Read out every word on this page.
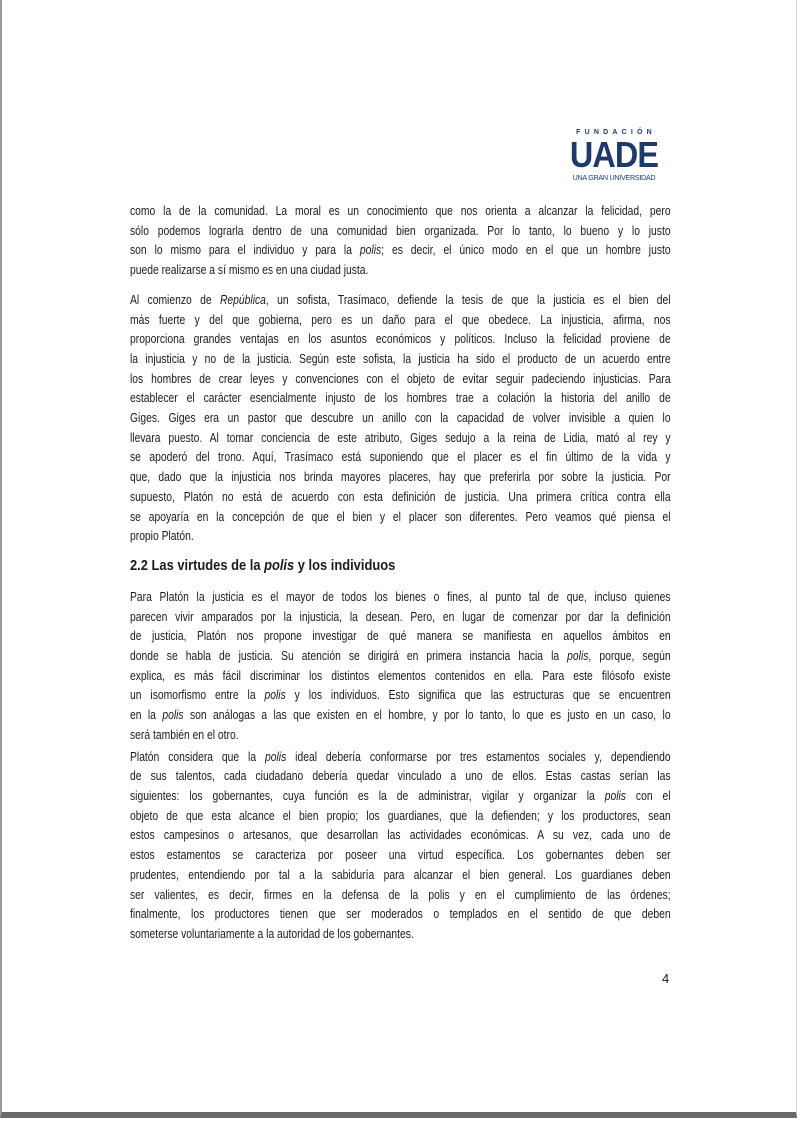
FUNDACIÓN
UADE
UNA GRAN UNIVERSIDAD
como la de la comunidad. La moral es un conocimiento que nos orienta a alcanzar la felicidad, pero
sólo podemos lograrla dentro de una comunidad bien organizada. Por lo tanto, lo bueno y lo justo
son lo mismo para el individuo y para la polis; es decir, el único modo en el que un hombre justo
puede realizarse a sí mismo es en una ciudad justa.
Al comienzo de República, un sofista, Trasímaco, defiende la tesis de que la justicia es el bien del
más fuerte y del que gobierna, pero es un daño para el que obedece. La injusticia, afirma, nos
proporciona grandes ventajas en los asuntos económicos y políticos. Incluso la felicidad proviene de
la injusticia y no de la justicia. Según este sofista, la justicia ha sido el producto de un acuerdo entre
los hombres de crear leyes y convenciones con el objeto de evitar seguir padeciendo injusticias. Para
establecer el carácter esencialmente injusto de los hombres trae a colación la historia del anillo de
Giges. Giges era un pastor que descubre un anillo con la capacidad de volver invisible a quien lo
llevara puesto. Al tomar conciencia de este atributo, Giges sedujo a la reina de Lidia, mató al rey y
se apoderó del trono. Aquí, Trasímaco está suponiendo que el placer es el fin último de la vida y
que, dado que la injusticia nos brinda mayores placeres, hay que preferirla por sobre la justicia. Por
supuesto, Platón no está de acuerdo con esta definición de justicia. Una primera crítica contra ella
se apoyaría en la concepción de que el bien y el placer son diferentes. Pero veamos qué piensa el
propio Platón.
2.2 Las virtudes de la polis y los individuos
Para Platón la justicia es el mayor de todos los bienes o fines, al punto tal de que, incluso quienes
parecen vivir amparados por la injusticia, la desean. Pero, en lugar de comenzar por dar la definición
de justicia, Platón nos propone investigar de qué manera se manifiesta en aquellos ámbitos en
donde se habla de justicia. Su atención se dirigirá en primera instancia hacia la polis, porque, según
explica, es más fácil discriminar los distintos elementos contenidos en ella. Para este filósofo existe
un isomorfismo entre la polis y los individuos. Esto significa que las estructuras que se encuentren
en la polis son análogas a las que existen en el hombre, y por lo tanto, lo que es justo en un caso, lo
será también en el otro.
Platón considera que la polis ideal debería conformarse por tres estamentos sociales y, dependiendo
de sus talentos, cada ciudadano debería quedar vinculado a uno de ellos. Estas castas serían las
siguientes: los gobernantes, cuya función es la de administrar, vigilar y organizar la polis con el
objeto de que esta alcance el bien propio; los guardianes, que la defienden; y los productores, sean
estos campesinos o artesanos, que desarrollan las actividades económicas. A su vez, cada uno de
estos estamentos se caracteriza por poseer una virtud específica. Los gobernantes deben ser
prudentes, entendiendo por tal a la sabiduría para alcanzar el bien general. Los guardianes deben
ser valientes, es decir, firmes en la defensa de la polis y en el cumplimiento de las órdenes;
finalmente, los productores tienen que ser moderados o templados en el sentido de que deben
someterse voluntariamente a la autoridad de los gobernantes.
4
